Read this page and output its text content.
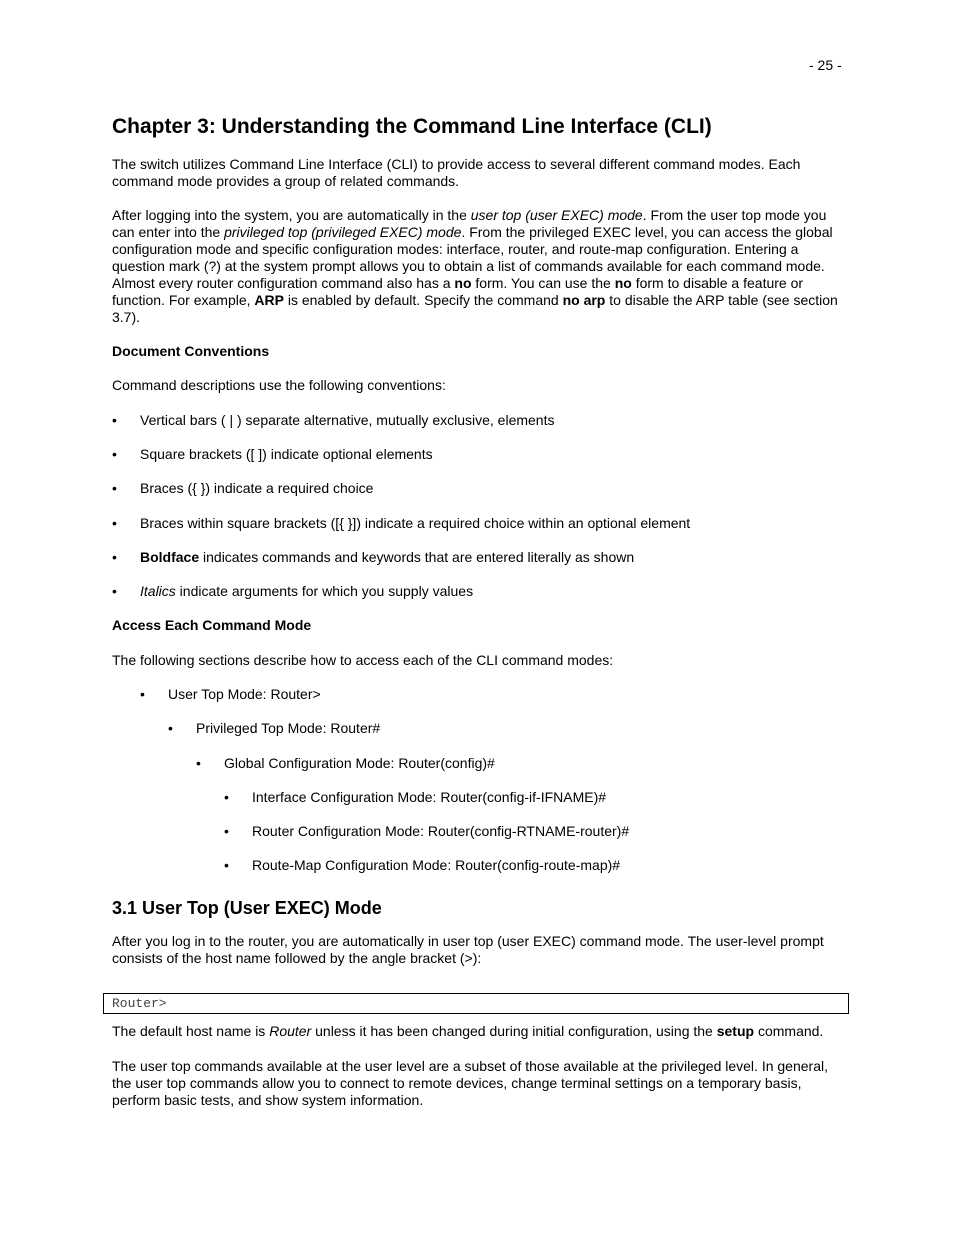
- 25 -
Chapter 3: Understanding the Command Line Interface (CLI)

The switch utilizes Command Line Interface (CLI) to provide access to several different command modes. Each command mode provides a group of related commands.

After logging into the system, you are automatically in the user top (user EXEC) mode. From the user top mode you can enter into the privileged top (privileged EXEC) mode. From the privileged EXEC level, you can access the global configuration mode and specific configuration modes: interface, router, and route-map configuration. Entering a question mark (?) at the system prompt allows you to obtain a list of commands available for each command mode. Almost every router configuration command also has a no form. You can use the no form to disable a feature or function. For example, ARP is enabled by default. Specify the command no arp to disable the ARP table (see section 3.7).

Document Conventions

Command descriptions use the following conventions:

•	Vertical bars ( | ) separate alternative, mutually exclusive, elements
•	Square brackets ([ ]) indicate optional elements
•	Braces ({ }) indicate a required choice
•	Braces within square brackets ([{ }]) indicate a required choice within an optional element
•	Boldface indicates commands and keywords that are entered literally as shown
•	Italics indicate arguments for which you supply values

Access Each Command Mode

The following sections describe how to access each of the CLI command modes:

•	User Top Mode: Router>
•	Privileged Top Mode: Router#
•	Global Configuration Mode: Router(config)#
•	Interface Configuration Mode: Router(config-if-IFNAME)#
•	Router Configuration Mode: Router(config-RTNAME-router)#
•	Route-Map Configuration Mode: Router(config-route-map)#
3.1 User Top (User EXEC) Mode

After you log in to the router, you are automatically in user top (user EXEC) command mode. The user-level prompt consists of the host name followed by the angle bracket (>):

The default host name is Router unless it has been changed during initial configuration, using the setup command.

The user top commands available at the user level are a subset of those available at the privileged level. In general, the user top commands allow you to connect to remote devices, change terminal settings on a temporary basis, perform basic tests, and show system information.

Router>
